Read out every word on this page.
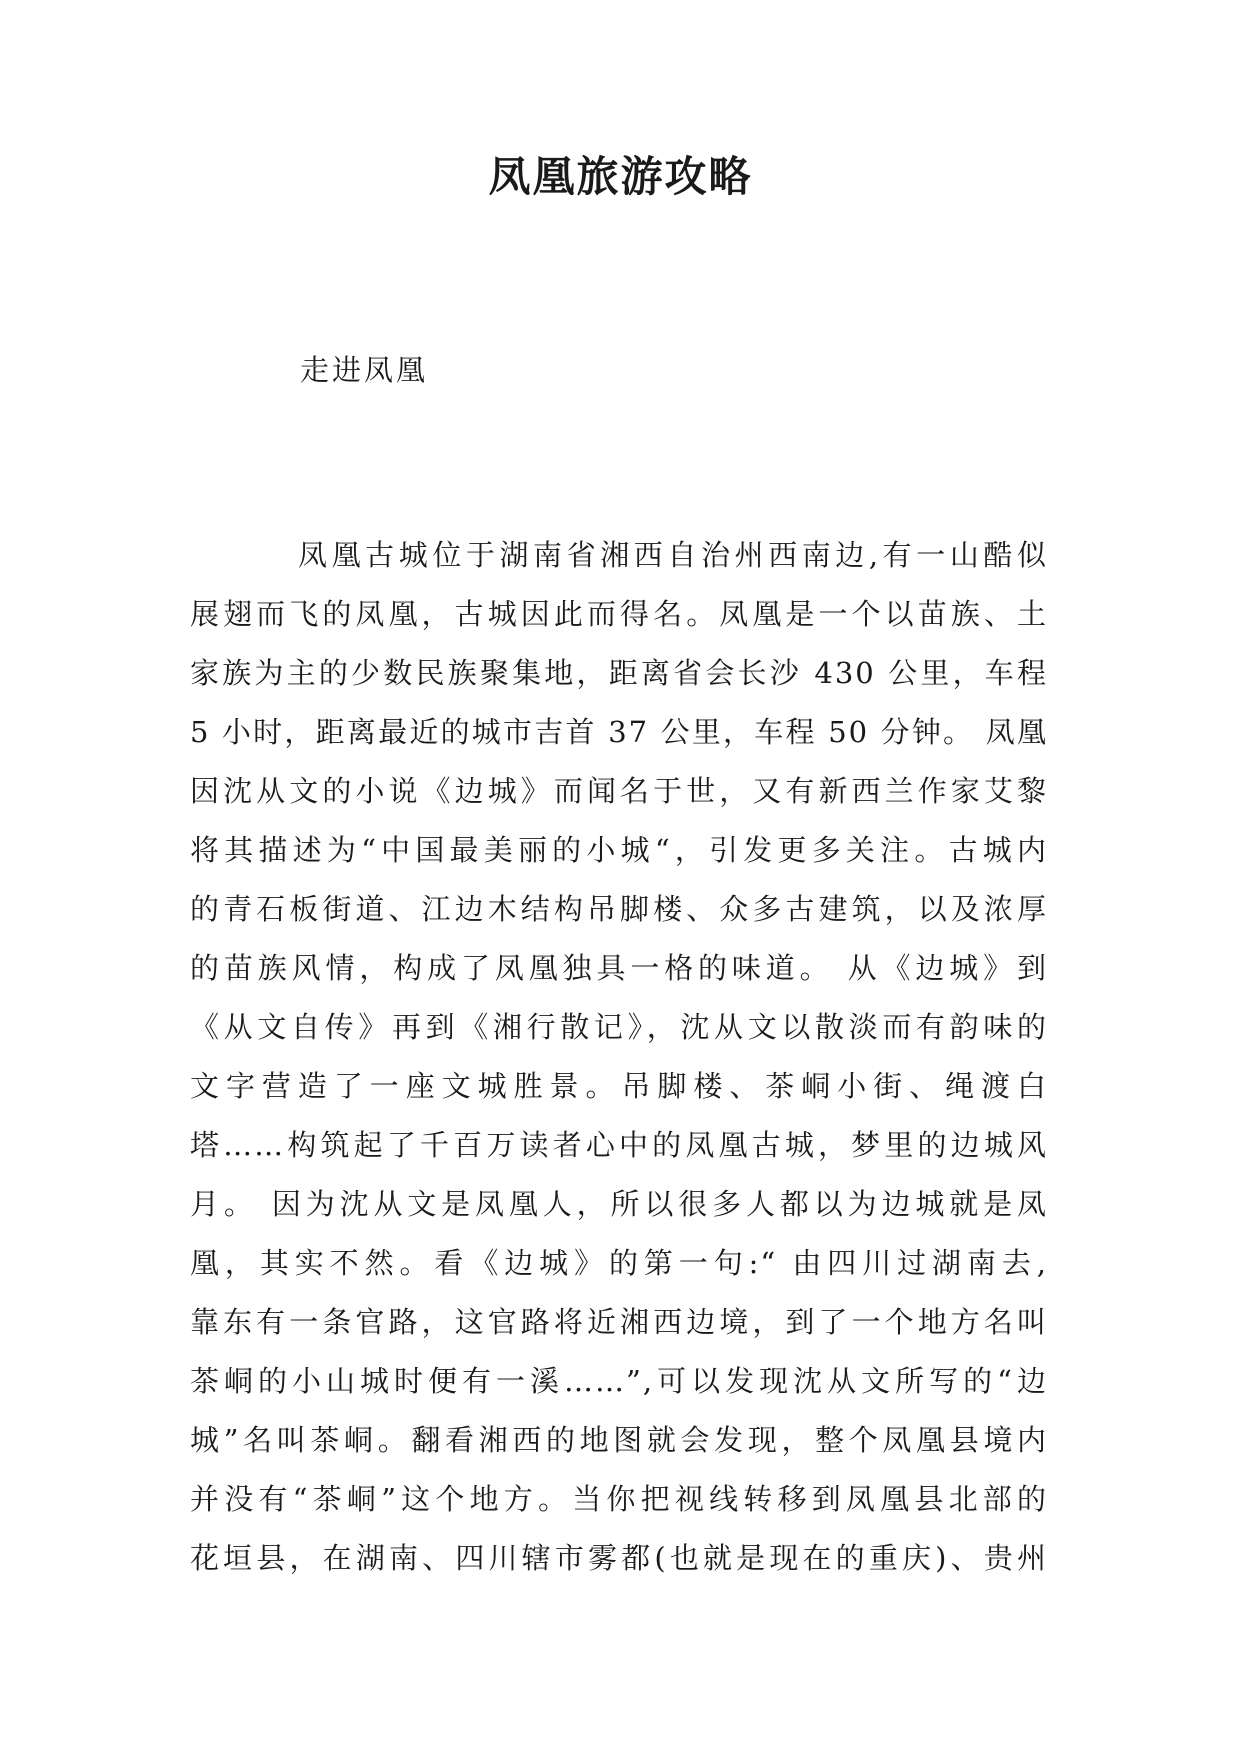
凤凰旅游攻略

走进凤凰

凤凰古城位于湖南省湘西自治州西南边,有一山酷似
展翅而飞的凤凰，古城因此而得名。凤凰是一个以苗族、土
家族为主的少数民族聚集地，距离省会长沙 430 公里，车程
5 小时，距离最近的城市吉首 37 公里，车程 50 分钟。 凤凰
因沈从文的小说《边城》而闻名于世，又有新西兰作家艾黎
将其描述为“中国最美丽的小城“，引发更多关注。古城内
的青石板街道、江边木结构吊脚楼、众多古建筑，以及浓厚
的苗族风情，构成了凤凰独具一格的味道。 从《边城》到
《从文自传》再到《湘行散记》，沈从文以散淡而有韵味的
文字营造了一座文城胜景。吊脚楼、茶峒小街、绳渡白
塔……构筑起了千百万读者心中的凤凰古城，梦里的边城风
月。 因为沈从文是凤凰人，所以很多人都以为边城就是凤
凰，其实不然。看《边城》的第一句:“ 由四川过湖南去,
靠东有一条官路，这官路将近湘西边境，到了一个地方名叫
茶峒的小山城时便有一溪……”,可以发现沈从文所写的“边
城”名叫茶峒。翻看湘西的地图就会发现，整个凤凰县境内
并没有“茶峒”这个地方。当你把视线转移到凤凰县北部的
花垣县，在湖南、四川辖市雾都(也就是现在的重庆)、贵州
